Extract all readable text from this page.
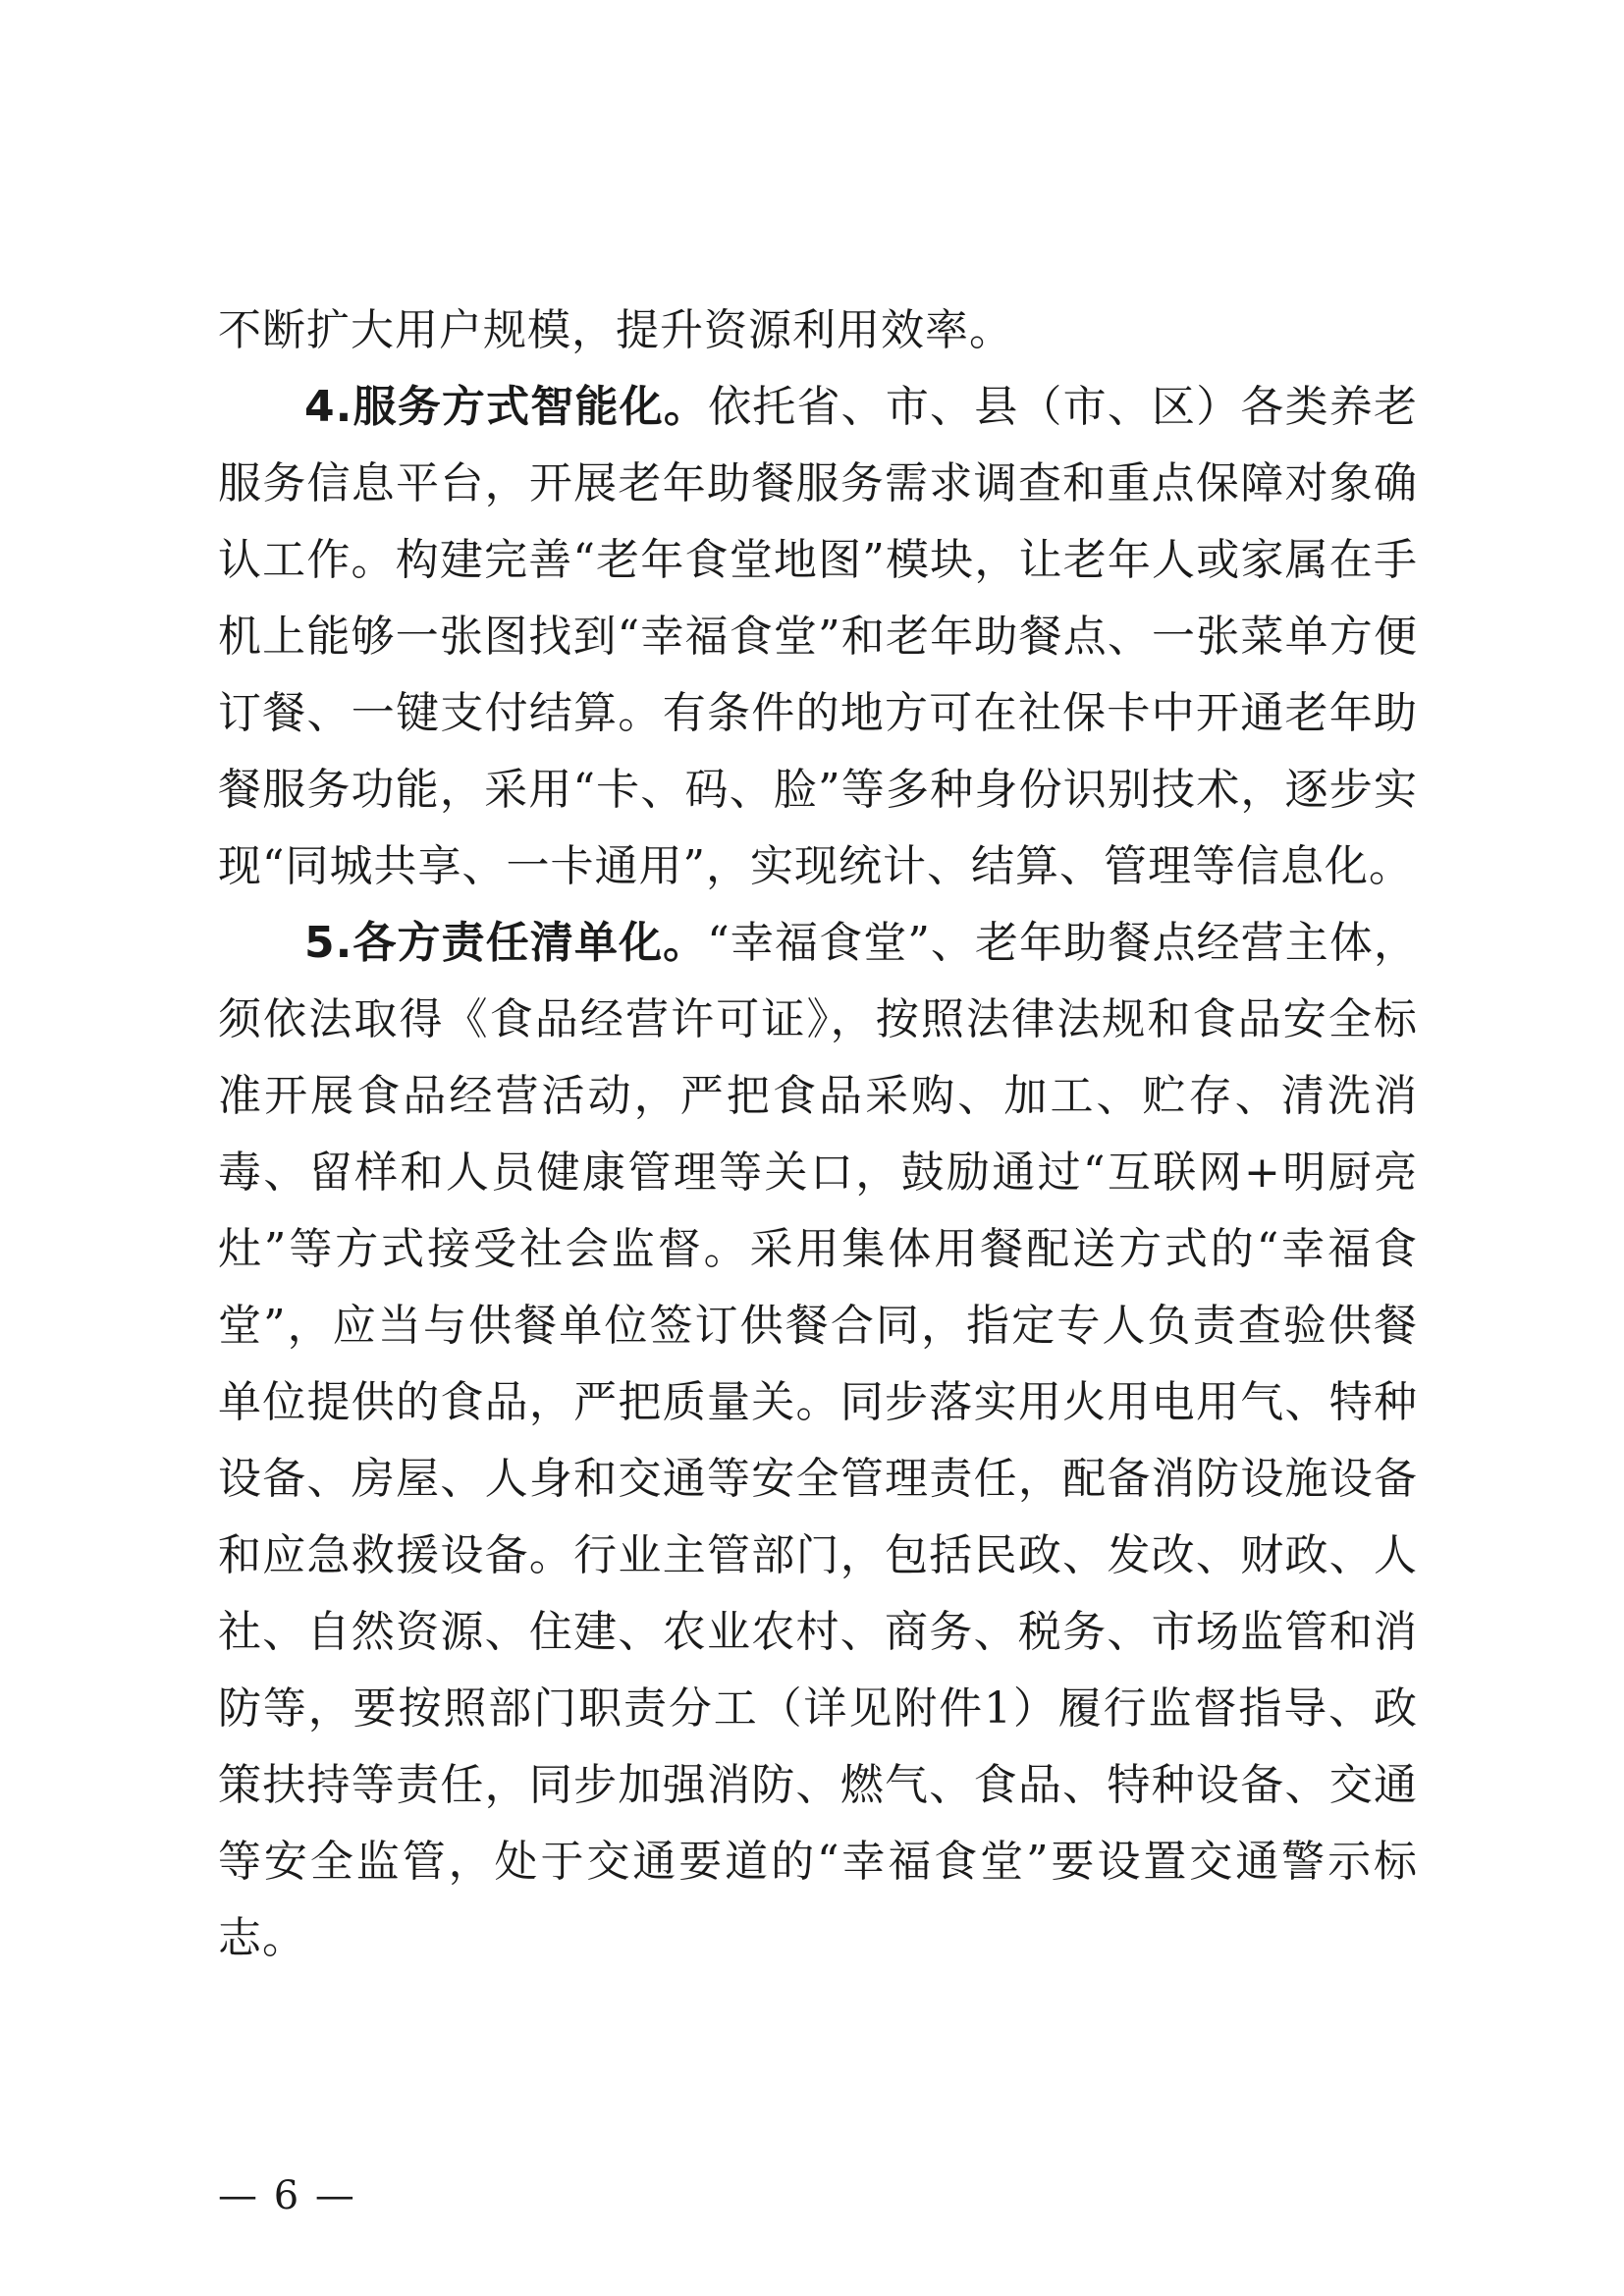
不断扩大用户规模，提升资源利用效率。

4.服务方式智能化。依托省、市、县（市、区）各类养老服务信息平台，开展老年助餐服务需求调查和重点保障对象确认工作。构建完善“老年食堂地图”模块，让老年人或家属在手机上能够一张图找到“幸福食堂”和老年助餐点、一张菜单方便订餐、一键支付结算。有条件的地方可在社保卡中开通老年助餐服务功能，采用“卡、码、脸”等多种身份识别技术，逐步实现“同城共享、一卡通用”，实现统计、结算、管理等信息化。

5.各方责任清单化。“幸福食堂”、老年助餐点经营主体，须依法取得《食品经营许可证》，按照法律法规和食品安全标准开展食品经营活动，严把食品采购、加工、贮存、清洗消毒、留样和人员健康管理等关口，鼓励通过“互联网+明厨亮灶”等方式接受社会监督。采用集体用餐配送方式的“幸福食堂”，应当与供餐单位签订供餐合同，指定专人负责查验供餐单位提供的食品，严把质量关。同步落实用火用电用气、特种设备、房屋、人身和交通等安全管理责任，配备消防设施设备和应急救援设备。行业主管部门，包括民政、发改、财政、人社、自然资源、住建、农业农村、商务、税务、市场监管和消防等，要按照部门职责分工（详见附件1）履行监督指导、政策扶持等责任，同步加强消防、燃气、食品、特种设备、交通等安全监管，处于交通要道的“幸福食堂”要设置交通警示标志。

— 6 —
